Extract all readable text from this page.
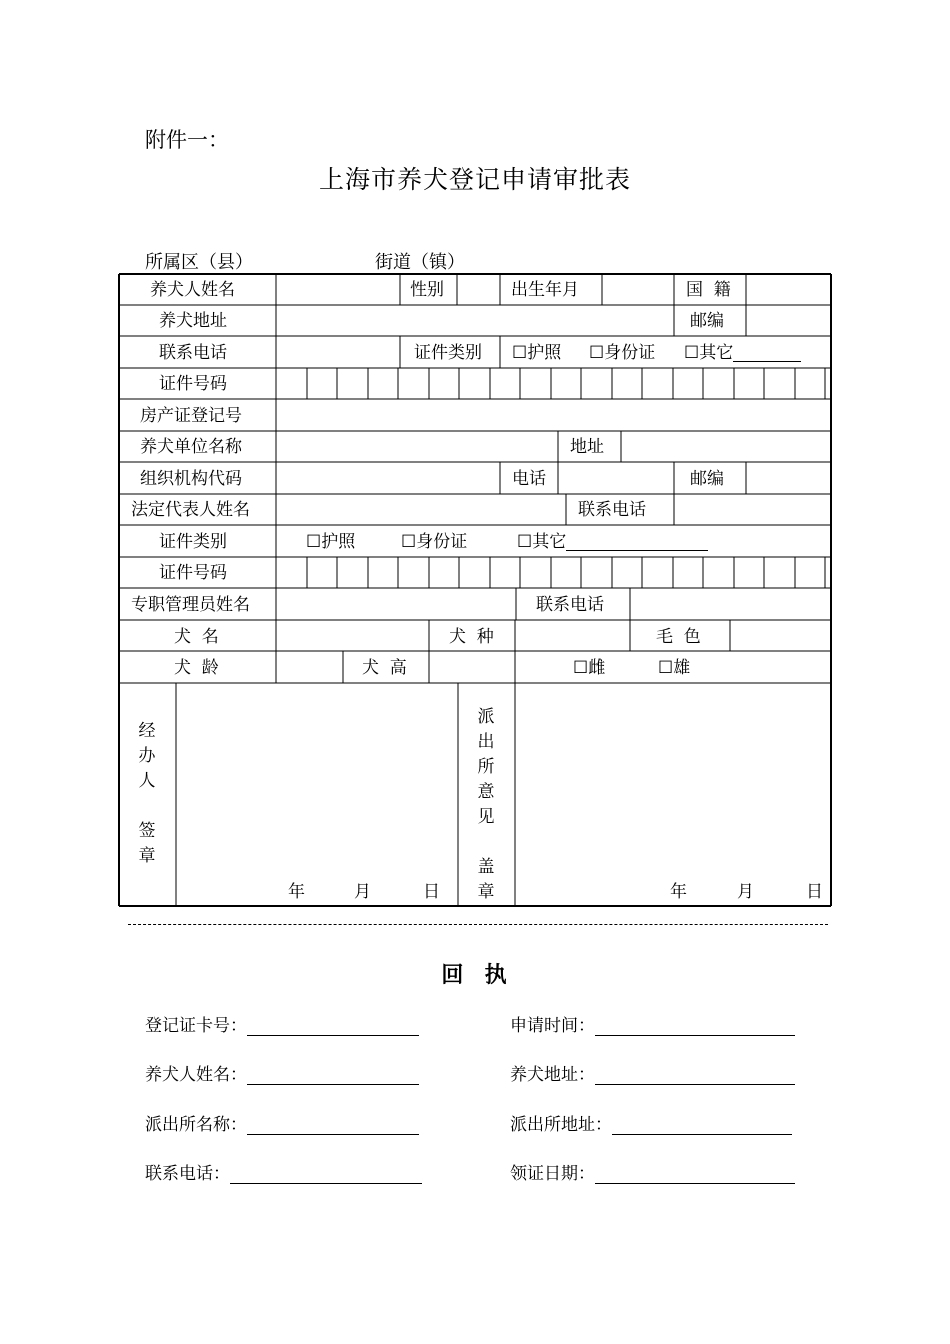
附件一：
上海市养犬登记申请审批表
所属区（县）	街道（镇）
养犬人姓名	性别	出生年月	国  籍
养犬地址	邮编
联系电话	证件类别 ☐护照 ☐身份证 ☐其它
证件号码
房产证登记号
养犬单位名称	地址
组织机构代码	电话	邮编
法定代表人姓名	联系电话
证件类别	☐护照	☐身份证	☐其它
证件号码
专职管理员姓名	联系电话
犬  名	犬  种	毛  色
犬  龄	犬  高	☐雌	☐雄
经办人
签章
年	月	日
派出所意见
盖章	年	月	日
回  执
登记证卡号：	申请时间：
养犬人姓名：	养犬地址：
派出所名称：	派出所地址：
联系电话：	领证日期：
